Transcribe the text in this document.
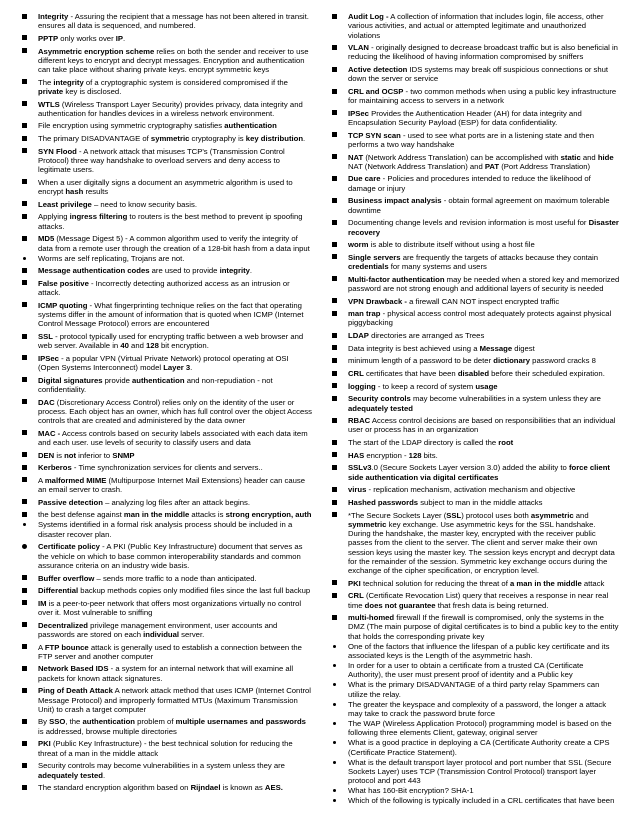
Integrity - Assuring the recipient that a message has not been altered in transit. ensures all data is sequenced, and numbered.
PPTP only works over IP.
Asymmetric encryption scheme relies on both the sender and receiver to use different keys to encrypt and decrypt messages. Encryption and authentication can take place without sharing private keys. encrypt symmetric keys
The integrity of a cryptographic system is considered compromised if the private key is disclosed.
WTLS (Wireless Transport Layer Security) provides privacy, data integrity and authentication for handles devices in a wireless network environment.
File encryption using symmetric cryptography satisfies authentication
The primary DISADVANTAGE of symmetric cryptography is key distribution.
SYN Flood - A network attack that misuses TCP's (Transmission Control Protocol) three way handshake to overload servers and deny access to legitimate users.
When a user digitally signs a document an asymmetric algorithm is used to encrypt hash results
Least privilege – need to know security basis.
Applying ingress filtering to routers is the best method to prevent ip spoofing attacks.
MD5 (Message Digest 5) - A common algorithm used to verify the integrity of data from a remote user through the creation of a 128-bit hash from a data input
Worms are self replicating, Trojans are not.
Message authentication codes are used to provide integrity.
False positive - Incorrectly detecting authorized access as an intrusion or attack.
ICMP quoting - What fingerprinting technique relies on the fact that operating systems differ in the amount of information that is quoted when ICMP (Internet Control Message Protocol) errors are encountered
SSL - protocol typically used for encrypting traffic between a web browser and web server. Available in 40 and 128 bit encryption.
IPSec - a popular VPN (Virtual Private Network) protocol operating at OSI (Open Systems Interconnect) model Layer 3.
Digital signatures provide authentication and non-repudiation - not confidentiality.
DAC (Discretionary Access Control) relies only on the identity of the user or process. Each object has an owner, which has full control over the object Access controls that are created and administered by the data owner
MAC - Access controls based on security labels associated with each data item and each user. use levels of security to classify users and data
DEN is not inferior to SNMP
Kerberos - Time synchronization services for clients and servers..
A malformed MIME (Multipurpose Internet Mail Extensions) header can cause an email server to crash.
Passive detection – analyzing log files after an attack begins.
the best defense against man in the middle attacks is strong encryption, auth
Systems identified in a formal risk analysis process should be included in a disaster recover plan.
Certificate policy - A PKI (Public Key Infrastructure) document that serves as the vehicle on which to base common interoperability standards and common assurance criteria on an industry wide basis.
Buffer overflow – sends more traffic to a node than anticipated.
Differential backup methods copies only modified files since the last full backup
IM is a peer-to-peer network that offers most organizations virtually no control over it. Most vulnerable to sniffing
Decentralized privilege management environment, user accounts and passwords are stored on each individual server.
A FTP bounce attack is generally used to establish a connection between the FTP server and another computer
Network Based IDS - a system for an internal network that will examine all packets for known attack signatures.
Ping of Death Attack A network attack method that uses ICMP (Internet Control Message Protocol) and improperly formatted MTUs (Maximum Transmission Unit) to crash a target computer
By SSO, the authentication problem of multiple usernames and passwords is addressed, browse multiple directories
PKI (Public Key Infrastructure) - the best technical solution for reducing the threat of a man in the middle attack
Security controls may become vulnerabilities in a system unless they are adequately tested.
The standard encryption algorithm based on Rijndael is known as AES.
Audit Log - A collection of information that includes login, file access, other various activities, and actual or attempted legitimate and unauthorized violations
VLAN - originally designed to decrease broadcast traffic but is also beneficial in reducing the likelihood of having information compromised by sniffers
Active detection IDS systems may break off suspicious connections or shut down the server or service
CRL and OCSP - two common methods when using a public key infrastructure for maintaining access to servers in a network
IPSec Provides the Authentication Header (AH) for data integrity and Encapsulation Security Payload (ESP) for data confidentiality.
TCP SYN scan - used to see what ports are in a listening state and then performs a two way handshake
NAT (Network Address Translation) can be accomplished with static and hide NAT (Network Address Translation) and PAT (Port Address Translation)
Due care - Policies and procedures intended to reduce the likelihood of damage or injury
Business impact analysis - obtain formal agreement on maximum tolerable downtime
Documenting change levels and revision information is most useful for Disaster recovery
worm is able to distribute itself without using a host file
Single servers are frequently the targets of attacks because they contain credentials for many systems and users
Multi-factor authentication may be needed when a stored key and memorized password are not strong enough and additional layers of security is needed
VPN Drawback - a firewall CAN NOT inspect encrypted traffic
man trap - physical access control most adequately protects against physical piggybacking
LDAP directories are arranged as Trees
Data integrity is best achieved using a Message digest
minimum length of a password to be deter dictionary password cracks 8
CRL certificates that have been disabled before their scheduled expiration.
logging - to keep a record of system usage
Security controls may become vulnerabilities in a system unless they are adequately tested
RBAC Access control decisions are based on responsibilities that an individual user or process has in an organization
The start of the LDAP directory is called the root
HAS encryption - 128 bits.
SSLv3.0 (Secure Sockets Layer version 3.0) added the ability to force client side authentication via digital certificates
virus - replication mechanism, activation mechanism and objective
Hashed passwords subject to man in the middle attacks
*The Secure Sockets Layer (SSL) protocol uses both asymmetric and symmetric key exchange. Use asymmetric keys for the SSL handshake. During the handshake, the master key, encrypted with the receiver public passes from the client to the server. The client and server make their own session keys using the master key. The session keys encrypt and decrypt data for the remainder of the session. Symmetric key exchange occurs during the exchange of the cipher specification, or encryption level.
PKI technical solution for reducing the threat of a man in the middle attack
CRL (Certificate Revocation List) query that receives a response in near real time does not guarantee that fresh data is being returned.
multi-homed firewall If the firewall is compromised, only the systems in the DMZ (The main purpose of digital certificates is to bind a public key to the entity that holds the corresponding private key
One of the factors that influence the lifespan of a public key certificate and its associated keys is the Length of the asymmetric hash.
In order for a user to obtain a certificate from a trusted CA (Certificate Authority), the user must present proof of identity and a Public key
What is the primary DISADVANTAGE of a third party relay Spammers can utilize the relay.
The greater the keyspace and complexity of a password, the longer a attack may take to crack the password brute force
The WAP (Wireless Application Protocol) programming model is based on the following three elements Client, gateway, original server
What is a good practice in deploying a CA (Certificate Authority create a CPS (Certificate Practice Statement).
What is the default transport layer protocol and port number that SSL (Secure Sockets Layer) uses TCP (Transmission Control Protocol) transport layer protocol and port 443
What has 160-Bit encryption? SHA-1
Which of the following is typically included in a CRL certificates that have been
